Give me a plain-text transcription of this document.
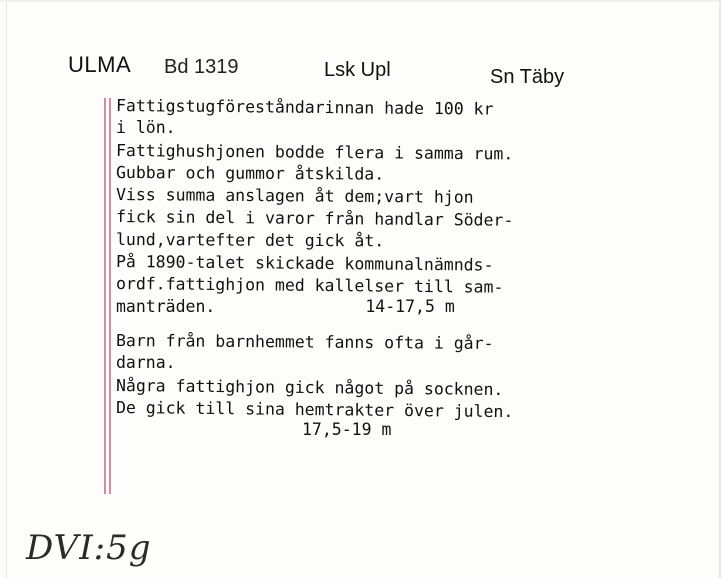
ULMA Bd 1319	Lsk Upl	Sn Täby
Fattigstugföreståndarinnan hade 100 kr
i lön.
Fattighushjonen bodde flera i samma rum.
Gubbar och gummor åtskilda.
Viss summa anslagen åt dem;vart hjon
fick sin del i varor från handlar Söder-
lund,vartefter det gick åt.
På 1890-talet skickade kommunalnämnds-
ordf.fattighjon med kallelser till sam-
manträden.	14-17,5 m
Barn från barnhemmet fanns ofta i går-
darna.
Några fattighjon gick något på socknen.
De gick till sina hemtrakter över julen.
17,5-19 m
DVI:5g
